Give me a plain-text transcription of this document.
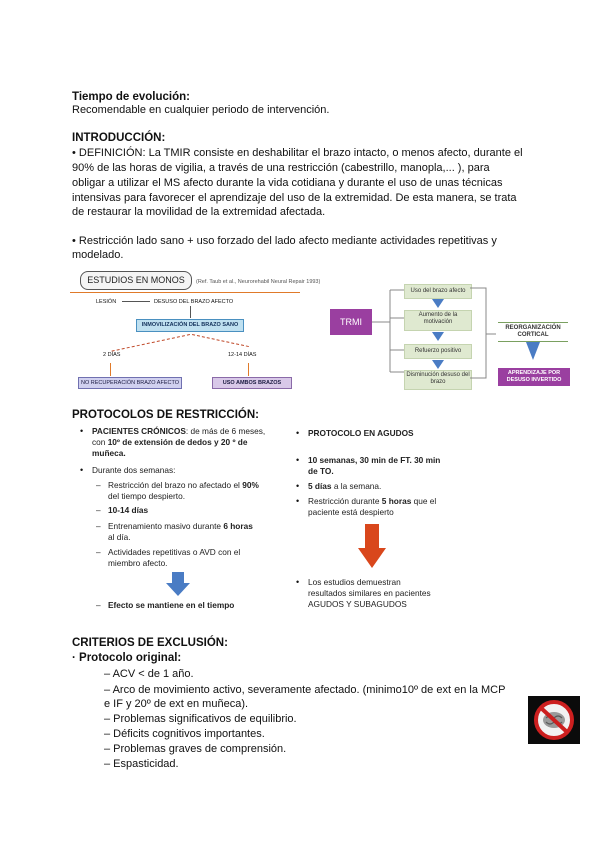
Tiempo de evolución:
Recomendable en cualquier periodo de intervención.
INTRODUCCIÓN:
• DEFINICIÓN: La TMIR consiste en deshabilitar el brazo intacto, o menos afecto, durante el
90% de las horas de vigilia, a través de una restricción (cabestrillo, manopla,... ), para
obligar a utilizar el MS afecto durante la vida cotidiana y durante el uso de unas técnicas
intensivas para favorecer el aprendizaje del uso de la extremidad. De esta manera, se trata
de restaurar la movilidad de la extremidad afectada.
• Restricción lado sano + uso forzado del lado afecto mediante actividades repetitivas y
modelado.
ESTUDIOS EN MONOS	(Ref. Taub et al., Neurorehabil Neural Repair 1993)
LESIÓN	DESUSO DEL BRAZO AFECTO
INMOVILIZACIÓN DEL BRAZO SANO
2 DÍAS	12-14 DÍAS
NO RECUPERACIÓN BRAZO AFECTO	USO AMBOS BRAZOS
TRMI
Uso del brazo afecto
Aumento de la motivación
Refuerzo positivo
Disminución desuso del brazo
REORGANIZACIÓN CORTICAL
APRENDIZAJE POR DESUSO INVERTIDO
PROTOCOLOS DE RESTRICCIÓN:
• PACIENTES CRÓNICOS: de más de 6 meses,
con 10º de extensión de dedos y 20 º de
muñeca.
• Durante dos semanas:
– Restricción del brazo no afectado el 90%
del tiempo despierto.
– 10-14 días
– Entrenamiento masivo durante 6 horas
al día.
– Actividades repetitivas o AVD con el
miembro afecto.
– Efecto se mantiene en el tiempo
• PROTOCOLO EN AGUDOS
• 10 semanas, 30 min de FT. 30 min
de TO.
• 5 días a la semana.
• Restricción durante 5 horas que el
paciente está despierto
• Los estudios demuestran
resultados similares en pacientes
AGUDOS Y SUBAGUDOS
CRITERIOS DE EXCLUSIÓN:
· Protocolo original:
– ACV < de 1 año.
– Arco de movimiento activo, severamente afectado. (minimo10º de ext en la MCP
e IF y 20º de ext en muñeca).
– Problemas significativos de equilibrio.
– Déficits cognitivos importantes.
– Problemas graves de comprensión.
– Espasticidad.
